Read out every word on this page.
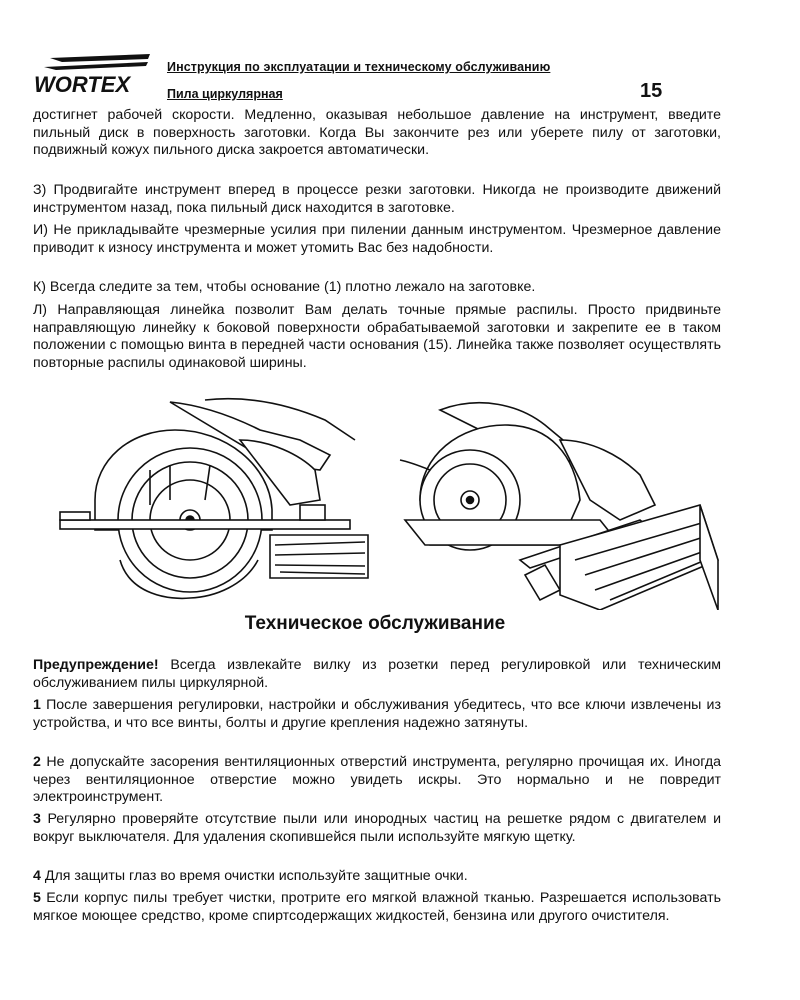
WORTEX
Инструкция по эксплуатации и техническому обслуживанию
Пила циркулярная	15

достигнет рабочей скорости. Медленно, оказывая небольшое давление на инструмент, введите пильный диск в поверхность заготовки. Когда Вы закончите рез или уберете пилу от заготовки, подвижный кожух пильного диска закроется автоматически.

З) Продвигайте инструмент вперед в процессе резки заготовки. Никогда не производите движений инструментом назад, пока пильный диск находится в заготовке.

И) Не прикладывайте чрезмерные усилия при пилении данным инструментом. Чрезмерное давление приводит к износу инструмента и может утомить Вас без надобности.

К) Всегда следите за тем, чтобы основание (1) плотно лежало на заготовке.

Л) Направляющая линейка позволит Вам делать точные прямые распилы. Просто придвиньте направляющую линейку к боковой поверхности обрабатываемой заготовки и закрепите ее в таком положении с помощью винта в передней части основания (15). Линейка также позволяет осуществлять повторные распилы одинаковой ширины.

Техническое обслуживание

Предупреждение! Всегда извлекайте вилку из розетки перед регулировкой или техническим обслуживанием пилы циркулярной.

1 После завершения регулировки, настройки и обслуживания убедитесь, что все ключи извлечены из устройства, и что все винты, болты и другие крепления надежно затянуты.

2 Не допускайте засорения вентиляционных отверстий инструмента, регулярно прочищая их. Иногда через вентиляционное отверстие можно увидеть искры. Это нормально и не повредит электроинструмент.

3 Регулярно проверяйте отсутствие пыли или инородных частиц на решетке рядом с двигателем и вокруг выключателя. Для удаления скопившейся пыли используйте мягкую щетку.

4 Для защиты глаз во время очистки используйте защитные очки.

5 Если корпус пилы требует чистки, протрите его мягкой влажной тканью. Разрешается использовать мягкое моющее средство, кроме спиртсодержащих жидкостей, бензина или другого очистителя.
